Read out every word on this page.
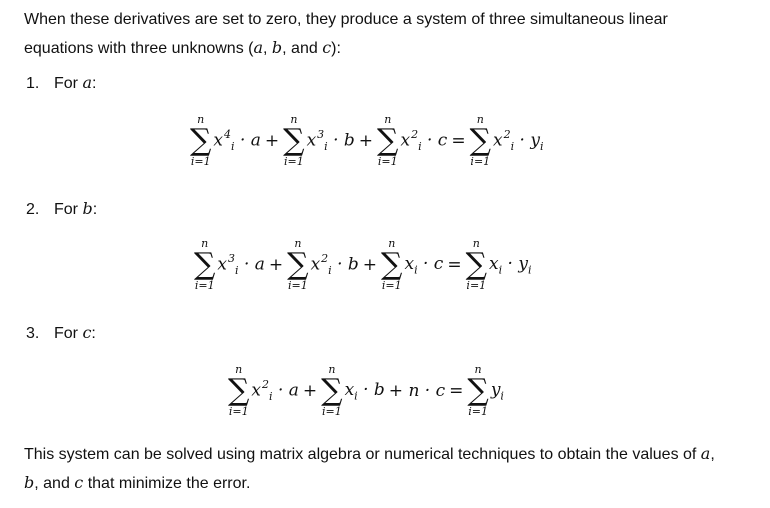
When these derivatives are set to zero, they produce a system of three simultaneous linear
equations with three unknowns (a, b, and c):

1. For a:
n
∑
i=1
$x^4_i \cdot a$ +
n
∑
i=1
$x^3_i \cdot b$ +
n
∑
i=1
$x^2_i \cdot c$ =
n
∑
i=1
$x^2_i \cdot y_i$
2. For b:
n
∑
i=1
$x^3_i \cdot a$ +
n
∑
i=1
$x^2_i \cdot b$ +
n
∑
i=1
$x_i \cdot c$ =
n
∑
i=1
$x_i \cdot y_i$
3. For c:
n
∑
i=1
$x^2_i \cdot a$ +
n
∑
i=1
$x_i \cdot b + n \cdot c$ =
n
∑
i=1
$y_i$

This system can be solved using matrix algebra or numerical techniques to obtain the values of a,
b, and c that minimize the error.
